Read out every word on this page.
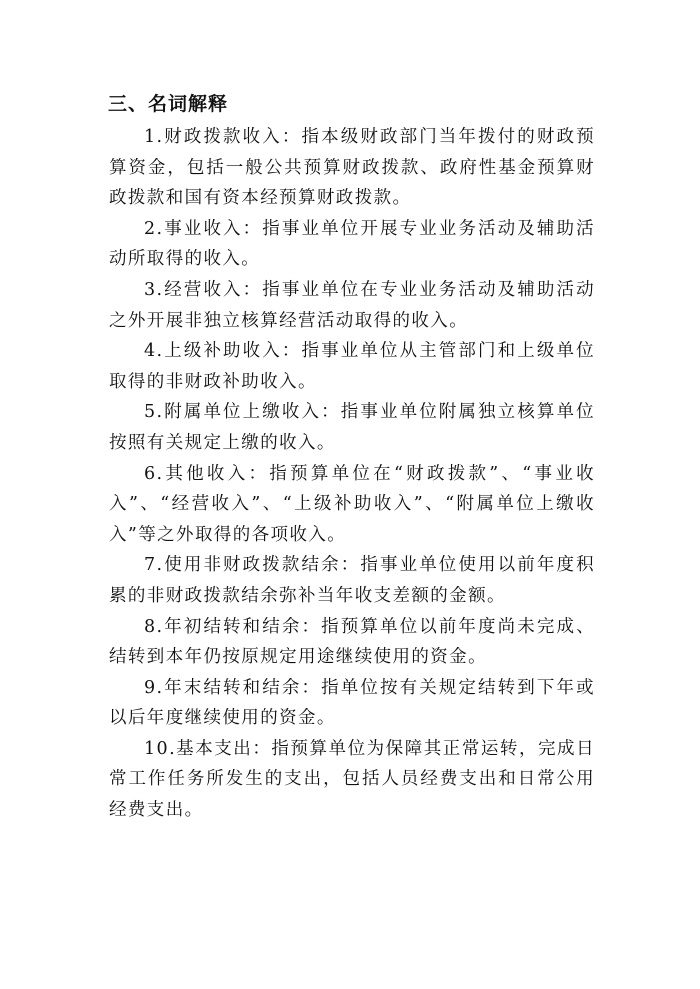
三、名词解释

1.财政拨款收入：指本级财政部门当年拨付的财政预算资金，包括一般公共预算财政拨款、政府性基金预算财政拨款和国有资本经预算财政拨款。

2.事业收入：指事业单位开展专业业务活动及辅助活动所取得的收入。

3.经营收入：指事业单位在专业业务活动及辅助活动之外开展非独立核算经营活动取得的收入。

4.上级补助收入：指事业单位从主管部门和上级单位取得的非财政补助收入。

5.附属单位上缴收入：指事业单位附属独立核算单位按照有关规定上缴的收入。

6.其他收入：指预算单位在“财政拨款”、“事业收入”、“经营收入”、“上级补助收入”、“附属单位上缴收入”等之外取得的各项收入。

7.使用非财政拨款结余：指事业单位使用以前年度积累的非财政拨款结余弥补当年收支差额的金额。

8.年初结转和结余：指预算单位以前年度尚未完成、结转到本年仍按原规定用途继续使用的资金。

9.年末结转和结余：指单位按有关规定结转到下年或以后年度继续使用的资金。

10.基本支出：指预算单位为保障其正常运转，完成日常工作任务所发生的支出，包括人员经费支出和日常公用经费支出。
